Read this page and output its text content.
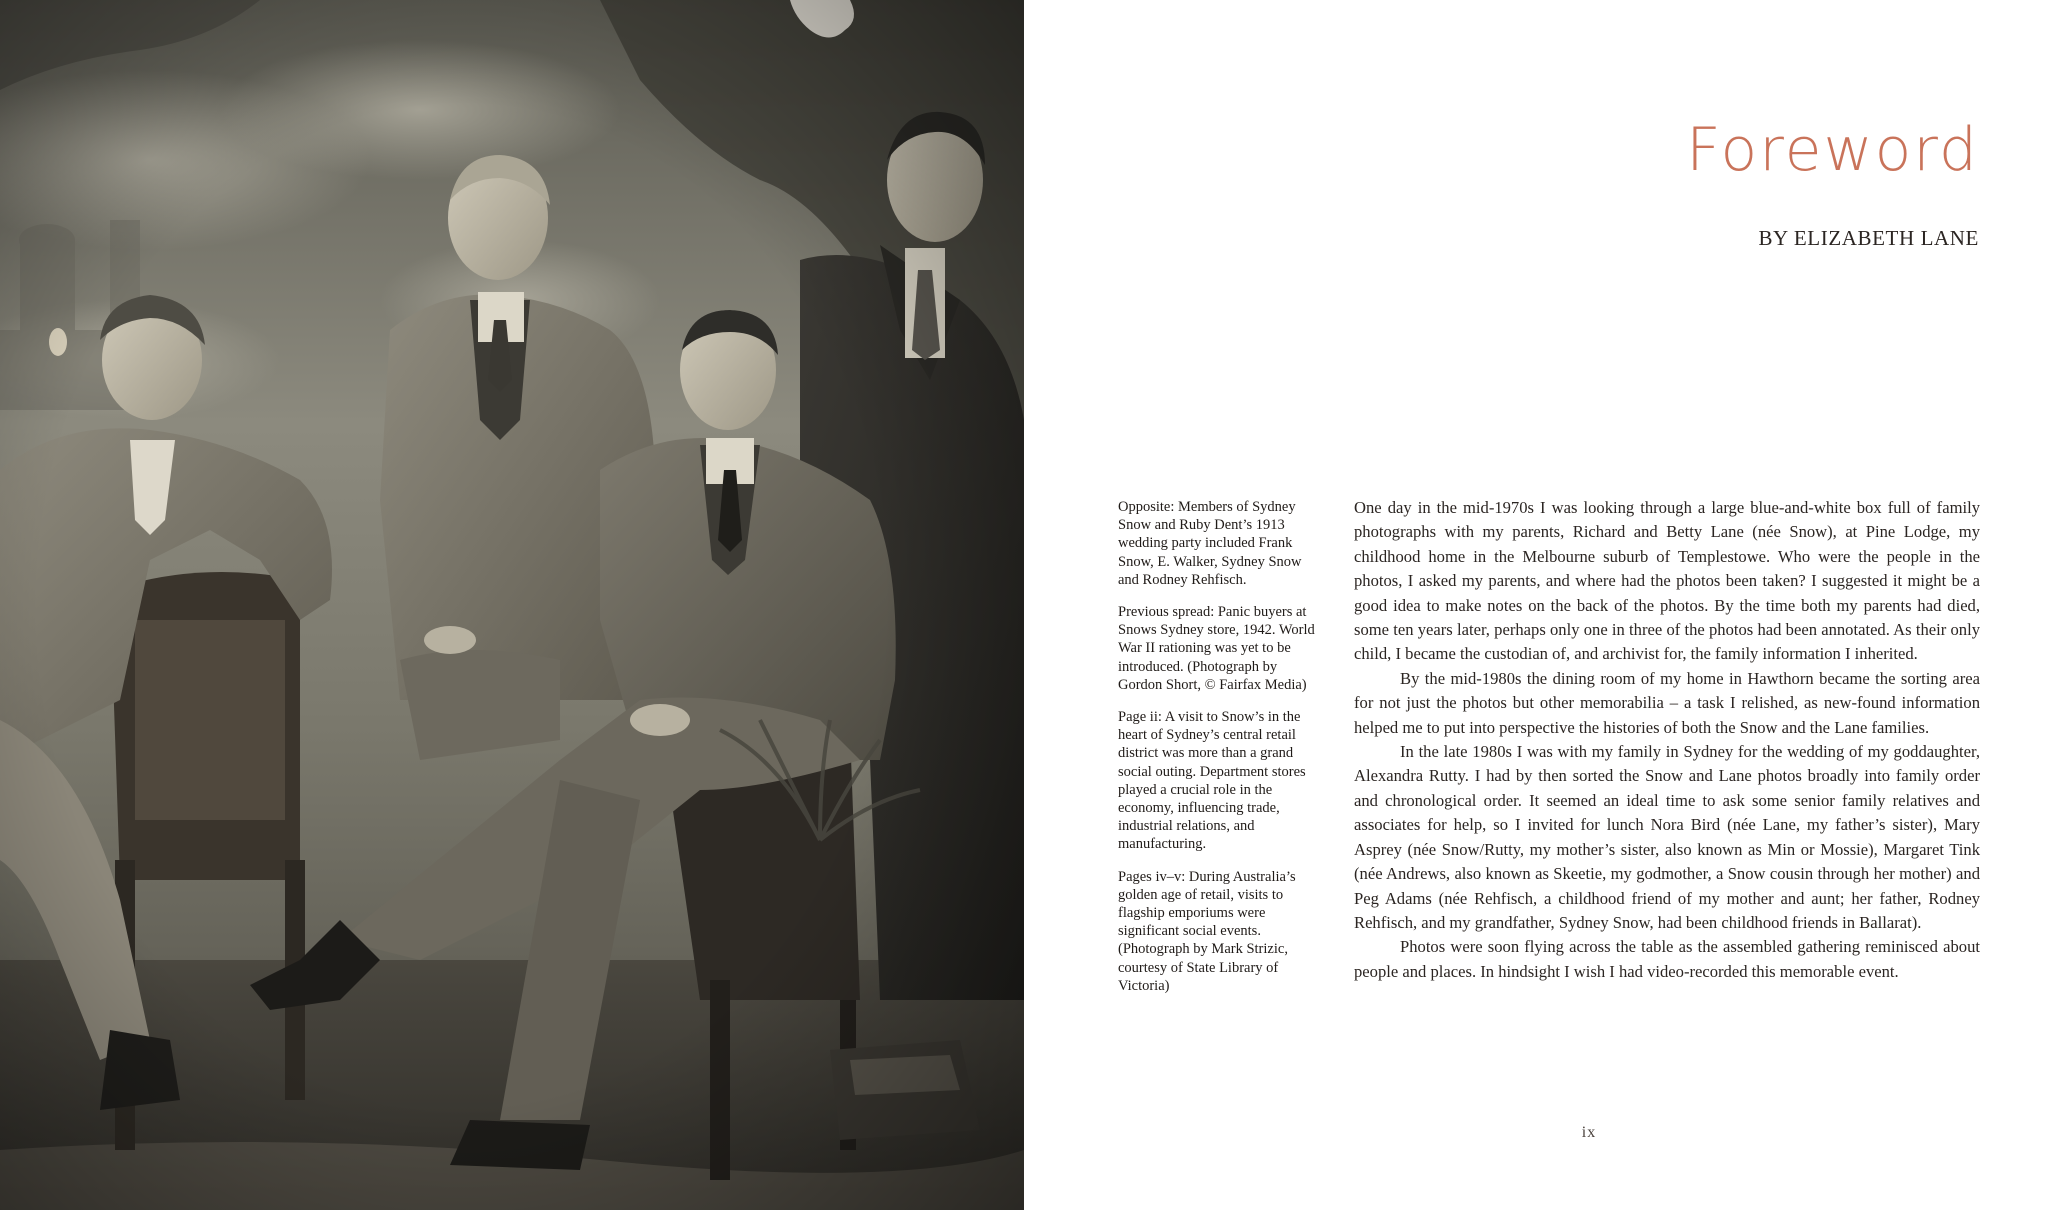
Foreword

BY ELIZABETH LANE

Opposite: Members of Sydney Snow and Ruby Dent’s 1913 wedding party included Frank Snow, E. Walker, Sydney Snow and Rodney Rehfisch.

Previous spread: Panic buyers at Snows Sydney store, 1942. World War II rationing was yet to be introduced. (Photograph by Gordon Short, © Fairfax Media)

Page ii: A visit to Snow’s in the heart of Sydney’s central retail district was more than a grand social outing. Department stores played a crucial role in the economy, influencing trade, industrial relations, and manufacturing.

Pages iv–v: During Australia’s golden age of retail, visits to flagship emporiums were significant social events. (Photograph by Mark Strizic, courtesy of State Library of Victoria)

One day in the mid-1970s I was looking through a large blue-and-white box full of family photographs with my parents, Richard and Betty Lane (née Snow), at Pine Lodge, my childhood home in the Melbourne suburb of Templestowe. Who were the people in the photos, I asked my parents, and where had the photos been taken? I suggested it might be a good idea to make notes on the back of the photos. By the time both my parents had died, some ten years later, perhaps only one in three of the photos had been annotated. As their only child, I became the custodian of, and archivist for, the family information I inherited.

By the mid-1980s the dining room of my home in Hawthorn became the sorting area for not just the photos but other memorabilia – a task I relished, as new-found information helped me to put into perspective the histories of both the Snow and the Lane families.

In the late 1980s I was with my family in Sydney for the wedding of my goddaughter, Alexandra Rutty. I had by then sorted the Snow and Lane photos broadly into family order and chronological order. It seemed an ideal time to ask some senior family relatives and associates for help, so I invited for lunch Nora Bird (née Lane, my father’s sister), Mary Asprey (née Snow/Rutty, my mother’s sister, also known as Min or Mossie), Margaret Tink (née Andrews, also known as Skeetie, my godmother, a Snow cousin through her mother) and Peg Adams (née Rehfisch, a childhood friend of my mother and aunt; her father, Rodney Rehfisch, and my grandfather, Sydney Snow, had been childhood friends in Ballarat).

Photos were soon flying across the table as the assembled gathering reminisced about people and places. In hindsight I wish I had video-recorded this memorable event.

ix
